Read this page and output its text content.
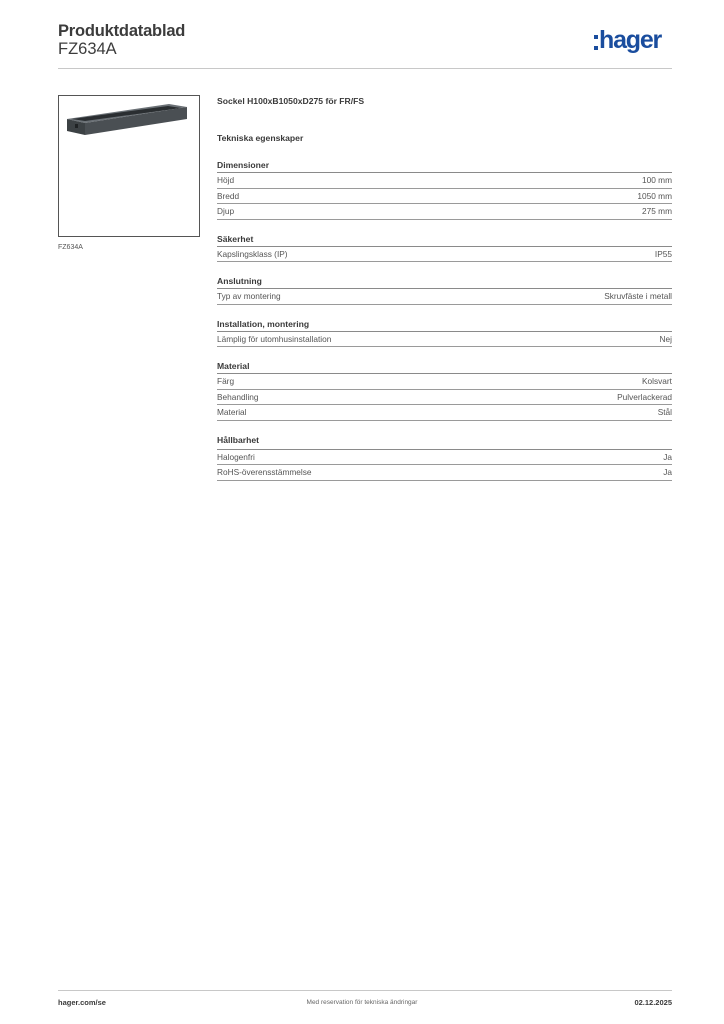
Produktdatablad
FZ634A	hager
FZ634A
Sockel H100xB1050xD275 för FR/FS
Tekniska egenskaper
Dimensioner
Höjd	100 mm
Bredd	1050 mm
Djup	275 mm
Säkerhet
Kapslingsklass (IP)	IP55
Anslutning
Typ av montering	Skruvfäste i metall
Installation, montering
Lämplig för utomhusinstallation	Nej
Material
Färg	Kolsvart
Behandling	Pulverlackerad
Material	Stål
Hållbarhet
Halogenfri	Ja
RoHS-överensstämmelse	Ja
hager.com/se	Med reservation för tekniska ändringar	02.12.2025
